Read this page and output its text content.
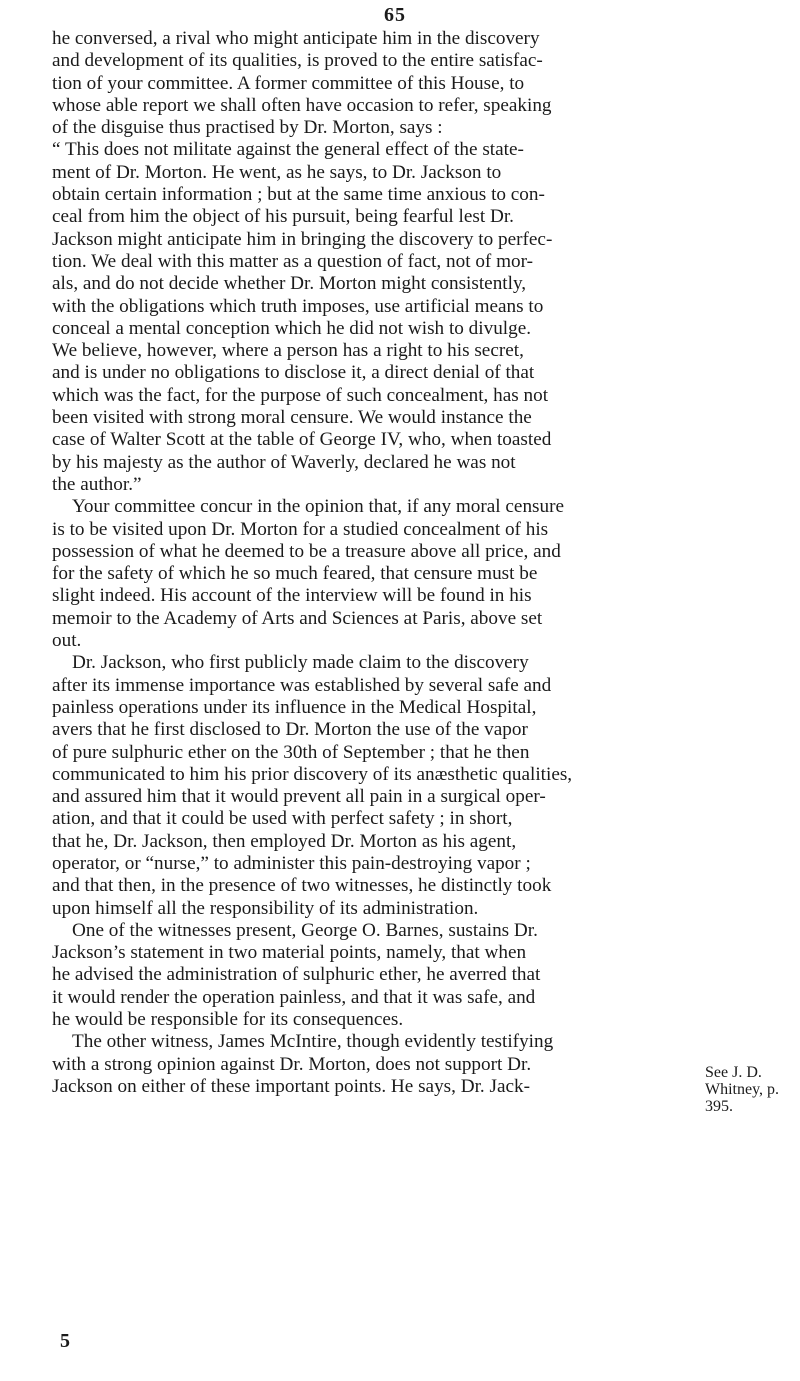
65
he conversed, a rival who might anticipate him in the discovery
and development of its qualities, is proved to the entire satisfac-
tion of your committee. A former committee of this House, to
whose able report we shall often have occasion to refer, speaking
of the disguise thus practised by Dr. Morton, says :
“ This does not militate against the general effect of the state-
ment of Dr. Morton. He went, as he says, to Dr. Jackson to
obtain certain information ; but at the same time anxious to con-
ceal from him the object of his pursuit, being fearful lest Dr.
Jackson might anticipate him in bringing the discovery to perfec-
tion. We deal with this matter as a question of fact, not of mor-
als, and do not decide whether Dr. Morton might consistently,
with the obligations which truth imposes, use artificial means to
conceal a mental conception which he did not wish to divulge.
We believe, however, where a person has a right to his secret,
and is under no obligations to disclose it, a direct denial of that
which was the fact, for the purpose of such concealment, has not
been visited with strong moral censure. We would instance the
case of Walter Scott at the table of George IV, who, when toasted
by his majesty as the author of Waverly, declared he was not
the author.”
Your committee concur in the opinion that, if any moral censure
is to be visited upon Dr. Morton for a studied concealment of his
possession of what he deemed to be a treasure above all price, and
for the safety of which he so much feared, that censure must be
slight indeed. His account of the interview will be found in his
memoir to the Academy of Arts and Sciences at Paris, above set
out.
Dr. Jackson, who first publicly made claim to the discovery
after its immense importance was established by several safe and
painless operations under its influence in the Medical Hospital,
avers that he first disclosed to Dr. Morton the use of the vapor
of pure sulphuric ether on the 30th of September ; that he then
communicated to him his prior discovery of its anæsthetic qualities,
and assured him that it would prevent all pain in a surgical oper-
ation, and that it could be used with perfect safety ; in short,
that he, Dr. Jackson, then employed Dr. Morton as his agent,
operator, or “nurse,” to administer this pain-destroying vapor ;
and that then, in the presence of two witnesses, he distinctly took
upon himself all the responsibility of its administration.
One of the witnesses present, George O. Barnes, sustains Dr.
Jackson’s statement in two material points, namely, that when
he advised the administration of sulphuric ether, he averred that
it would render the operation painless, and that it was safe, and
he would be responsible for its consequences.
The other witness, James McIntire, though evidently testifying
with a strong opinion against Dr. Morton, does not support Dr.
Jackson on either of these important points. He says, Dr. Jack-
See J. D.
Whitney, p.
395.
5
